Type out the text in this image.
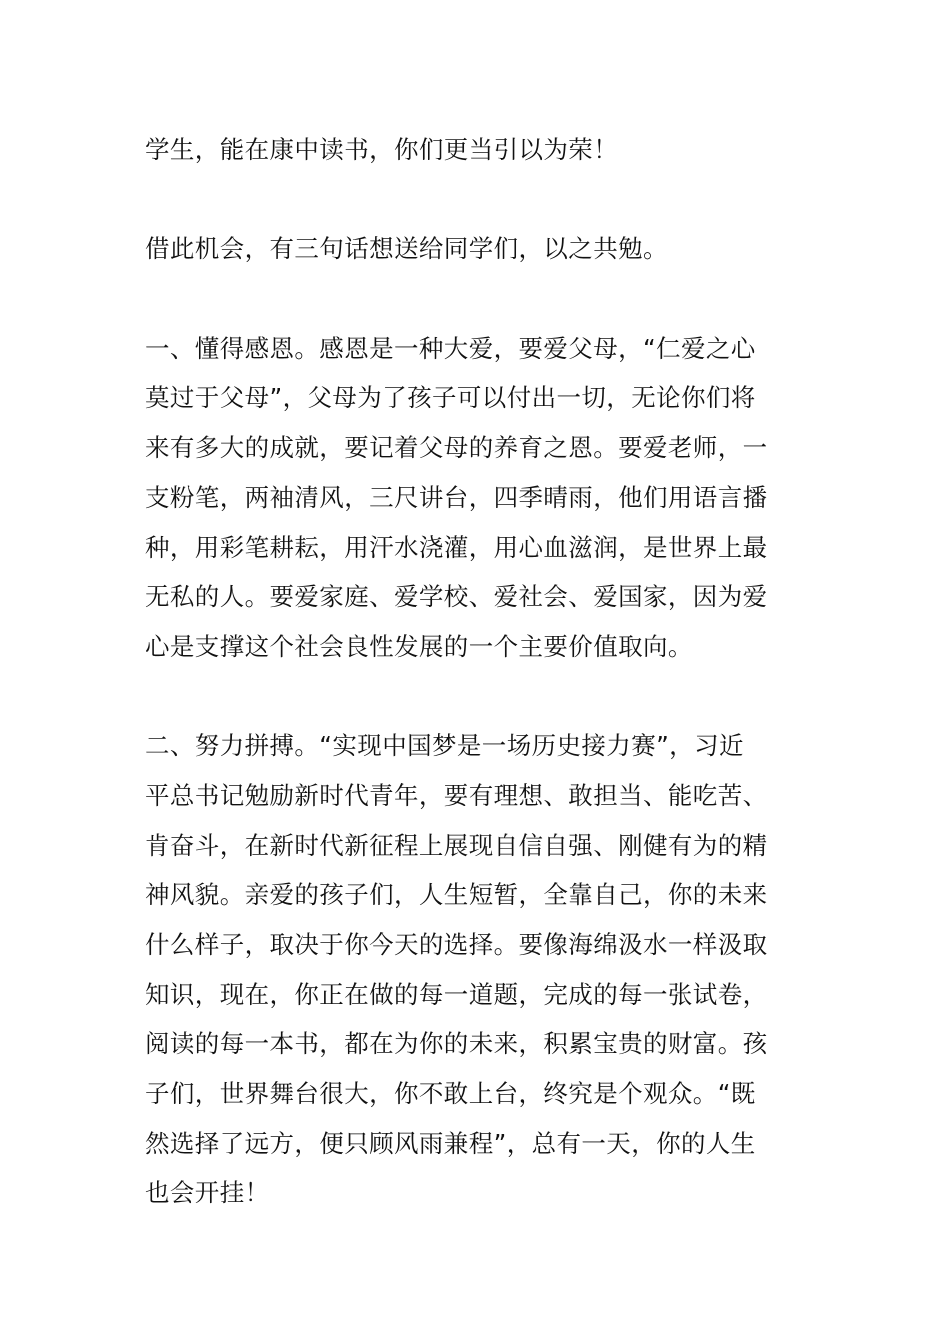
学生，能在康中读书，你们更当引以为荣！
借此机会，有三句话想送给同学们，以之共勉。
一、懂得感恩。感恩是一种大爱，要爱父母，“仁爱之心
莫过于父母”，父母为了孩子可以付出一切，无论你们将
来有多大的成就，要记着父母的养育之恩。要爱老师，一
支粉笔，两袖清风，三尺讲台，四季晴雨，他们用语言播
种，用彩笔耕耘，用汗水浇灌，用心血滋润，是世界上最
无私的人。要爱家庭、爱学校、爱社会、爱国家，因为爱
心是支撑这个社会良性发展的一个主要价值取向。
二、努力拼搏。“实现中国梦是一场历史接力赛”，习近
平总书记勉励新时代青年，要有理想、敢担当、能吃苦、
肯奋斗，在新时代新征程上展现自信自强、刚健有为的精
神风貌。亲爱的孩子们，人生短暂，全靠自己，你的未来
什么样子，取决于你今天的选择。要像海绵汲水一样汲取
知识，现在，你正在做的每一道题，完成的每一张试卷，
阅读的每一本书，都在为你的未来，积累宝贵的财富。孩
子们，世界舞台很大，你不敢上台，终究是个观众。“既
然选择了远方，便只顾风雨兼程”，总有一天，你的人生
也会开挂！
